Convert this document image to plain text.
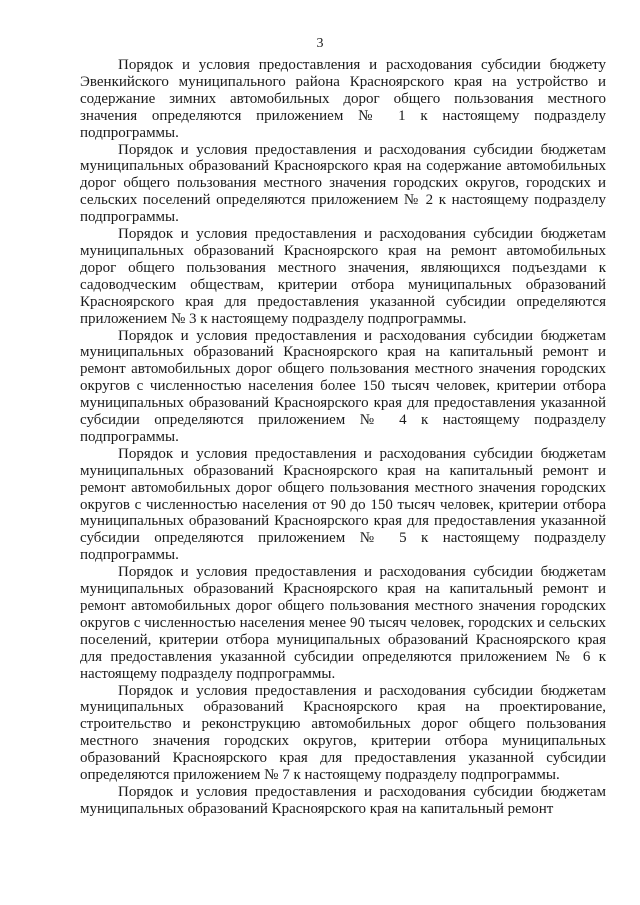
3

Порядок и условия предоставления и расходования субсидии бюджету Эвенкийского муниципального района Красноярского края на устройство и содержание зимних автомобильных дорог общего пользования местного значения определяются приложением № 1 к настоящему подразделу подпрограммы.

Порядок и условия предоставления и расходования субсидии бюджетам муниципальных образований Красноярского края на содержание автомобильных дорог общего пользования местного значения городских округов, городских и сельских поселений определяются приложением № 2 к настоящему подразделу подпрограммы.

Порядок и условия предоставления и расходования субсидии бюджетам муниципальных образований Красноярского края на ремонт автомобильных дорог общего пользования местного значения, являющихся подъездами к садоводческим обществам, критерии отбора муниципальных образований Красноярского края для предоставления указанной субсидии определяются приложением № 3 к настоящему подразделу подпрограммы.

Порядок и условия предоставления и расходования субсидии бюджетам муниципальных образований Красноярского края на капитальный ремонт и ремонт автомобильных дорог общего пользования местного значения городских округов с численностью населения более 150 тысяч человек, критерии отбора муниципальных образований Красноярского края для предоставления указанной субсидии определяются приложением № 4 к настоящему подразделу подпрограммы.

Порядок и условия предоставления и расходования субсидии бюджетам муниципальных образований Красноярского края на капитальный ремонт и ремонт автомобильных дорог общего пользования местного значения городских округов с численностью населения от 90 до 150 тысяч человек, критерии отбора муниципальных образований Красноярского края для предоставления указанной субсидии определяются приложением № 5 к настоящему подразделу подпрограммы.

Порядок и условия предоставления и расходования субсидии бюджетам муниципальных образований Красноярского края на капитальный ремонт и ремонт автомобильных дорог общего пользования местного значения городских округов с численностью населения менее 90 тысяч человек, городских и сельских поселений, критерии отбора муниципальных образований Красноярского края для предоставления указанной субсидии определяются приложением № 6 к настоящему подразделу подпрограммы.

Порядок и условия предоставления и расходования субсидии бюджетам муниципальных образований Красноярского края на проектирование, строительство и реконструкцию автомобильных дорог общего пользования местного значения городских округов, критерии отбора муниципальных образований Красноярского края для предоставления указанной субсидии определяются приложением № 7 к настоящему подразделу подпрограммы.

Порядок и условия предоставления и расходования субсидии бюджетам муниципальных образований Красноярского края на капитальный ремонт
